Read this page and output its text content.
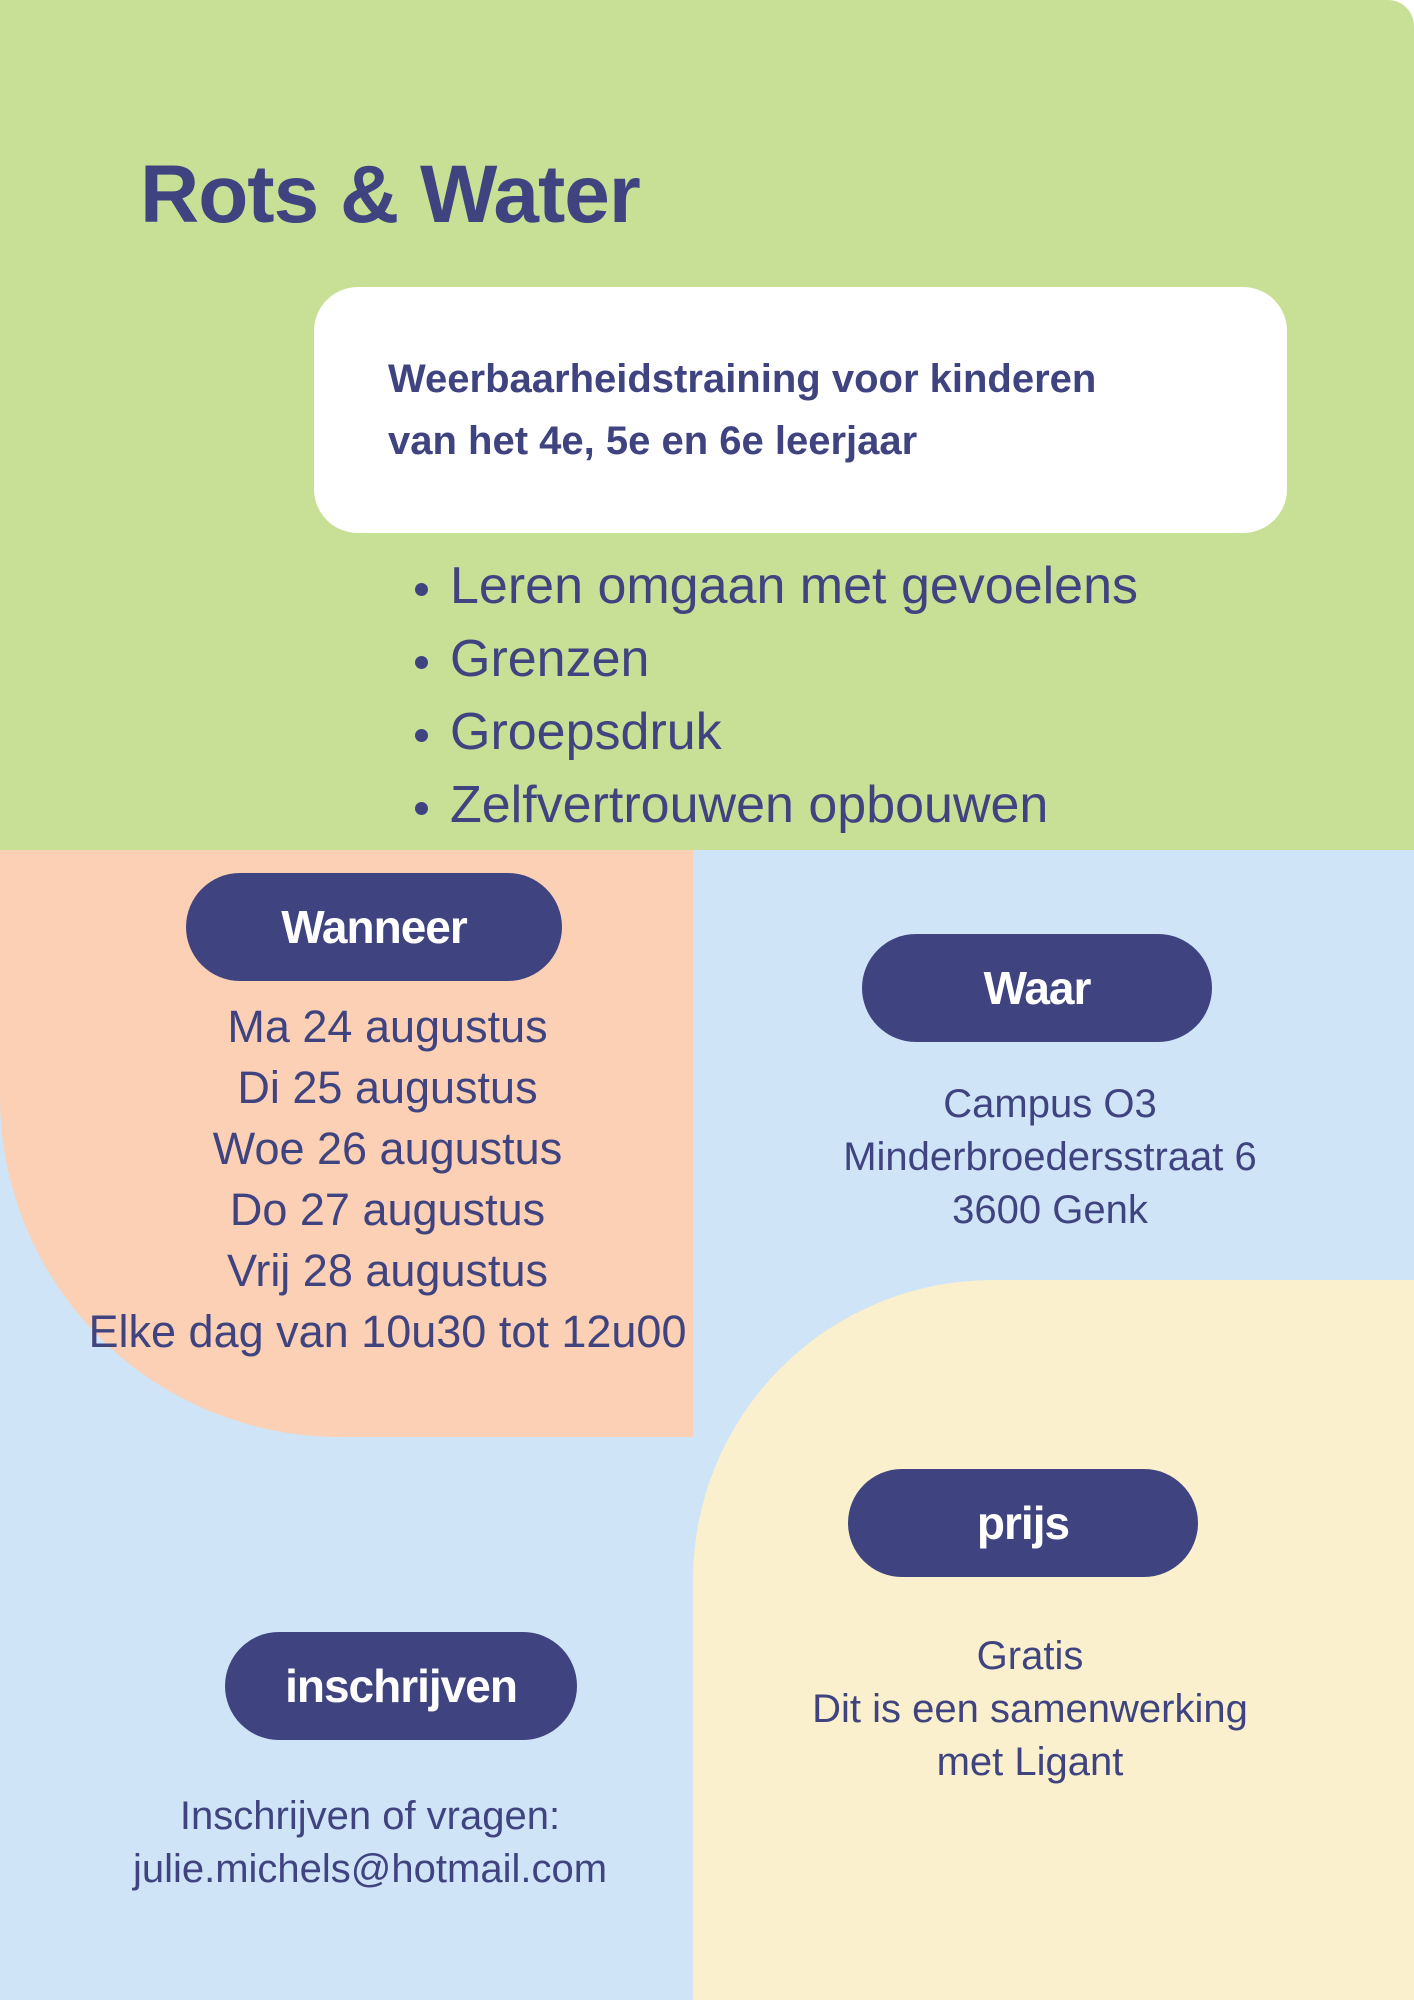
Rots & Water

Weerbaarheidstraining voor kinderen
van het 4e, 5e en 6e leerjaar

• Leren omgaan met gevoelens
• Grenzen
• Groepsdruk
• Zelfvertrouwen opbouwen
Wanneer
Ma 24 augustus
Di 25 augustus
Woe 26 augustus
Do 27 augustus
Vrij 28 augustus
Elke dag van 10u30 tot 12u00
Waar
Campus O3
Minderbroedersstraat 6
3600 Genk
prijs
Gratis
Dit is een samenwerking
met Ligant
inschrijven
Inschrijven of vragen:
julie.michels@hotmail.com
